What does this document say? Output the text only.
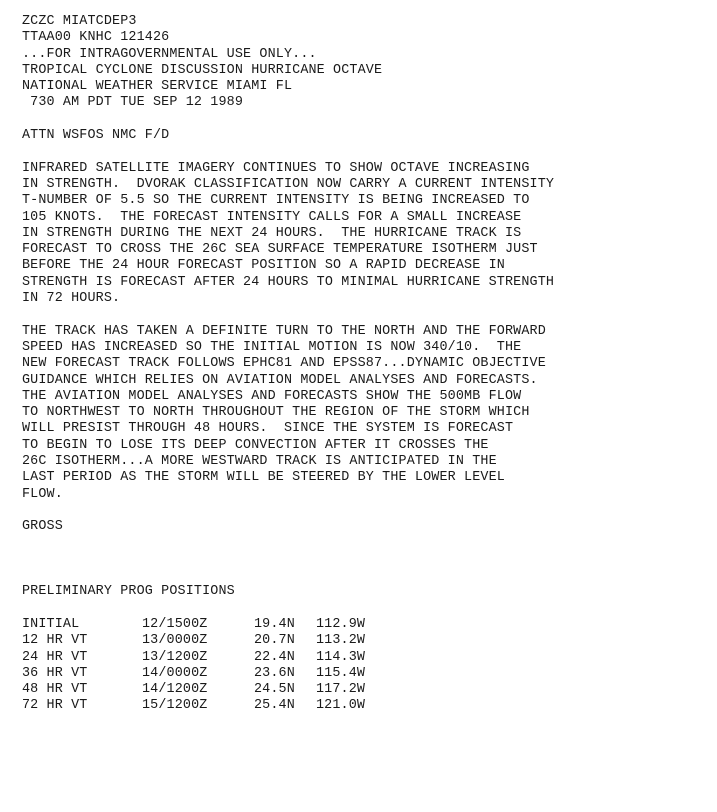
ZCZC MIATCDEP3
TTAA00 KNHC 121426
...FOR INTRAGOVERNMENTAL USE ONLY...
TROPICAL CYCLONE DISCUSSION HURRICANE OCTAVE
NATIONAL WEATHER SERVICE MIAMI FL
730 AM PDT TUE SEP 12 1989
ATTN WSFOS NMC F/D
INFRARED SATELLITE IMAGERY CONTINUES TO SHOW OCTAVE INCREASING
IN STRENGTH.  DVORAK CLASSIFICATION NOW CARRY A CURRENT INTENSITY
T-NUMBER OF 5.5 SO THE CURRENT INTENSITY IS BEING INCREASED TO
105 KNOTS.  THE FORECAST INTENSITY CALLS FOR A SMALL INCREASE
IN STRENGTH DURING THE NEXT 24 HOURS.  THE HURRICANE TRACK IS
FORECAST TO CROSS THE 26C SEA SURFACE TEMPERATURE ISOTHERM JUST
BEFORE THE 24 HOUR FORECAST POSITION SO A RAPID DECREASE IN
STRENGTH IS FORECAST AFTER 24 HOURS TO MINIMAL HURRICANE STRENGTH
IN 72 HOURS.
THE TRACK HAS TAKEN A DEFINITE TURN TO THE NORTH AND THE FORWARD
SPEED HAS INCREASED SO THE INITIAL MOTION IS NOW 340/10.  THE
NEW FORECAST TRACK FOLLOWS EPHC81 AND EPSS87...DYNAMIC OBJECTIVE
GUIDANCE WHICH RELIES ON AVIATION MODEL ANALYSES AND FORECASTS.
THE AVIATION MODEL ANALYSES AND FORECASTS SHOW THE 500MB FLOW
TO NORTHWEST TO NORTH THROUGHOUT THE REGION OF THE STORM WHICH
WILL PRESIST THROUGH 48 HOURS.  SINCE THE SYSTEM IS FORECAST
TO BEGIN TO LOSE ITS DEEP CONVECTION AFTER IT CROSSES THE
26C ISOTHERM...A MORE WESTWARD TRACK IS ANTICIPATED IN THE
LAST PERIOD AS THE STORM WILL BE STEERED BY THE LOWER LEVEL
FLOW.
GROSS
PRELIMINARY PROG POSITIONS
INITIAL	12/1500Z	19.4N 112.9W
12 HR VT	13/0000Z	20.7N 113.2W
24 HR VT	13/1200Z	22.4N 114.3W
36 HR VT	14/0000Z	23.6N 115.4W
48 HR VT	14/1200Z	24.5N 117.2W
72 HR VT	15/1200Z	25.4N 121.0W
